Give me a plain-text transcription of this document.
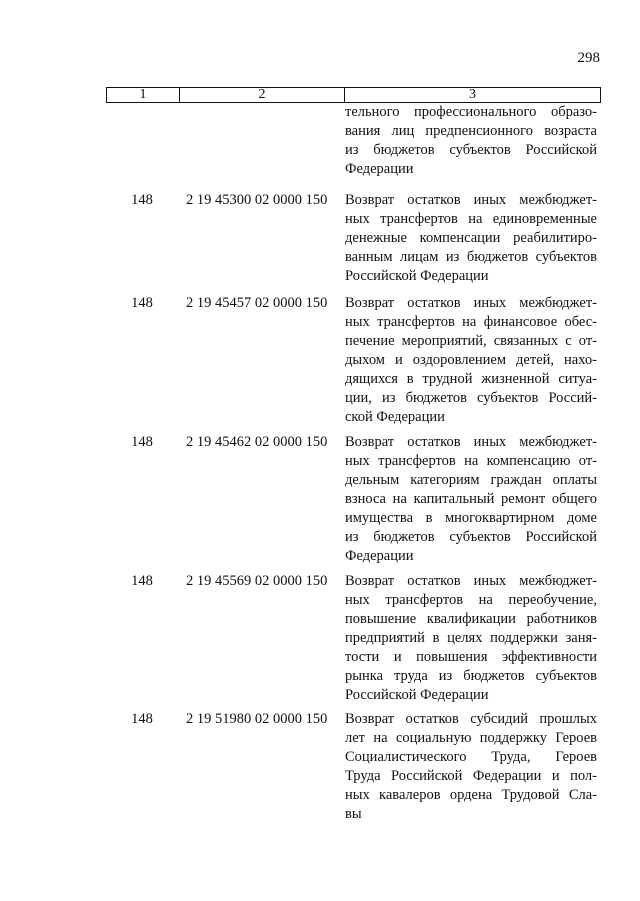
298
1	2	3
тельного профессионального образо-
вания лиц предпенсионного возраста
из бюджетов субъектов Российской
Федерации
148	2 19 45300 02 0000 150	Возврат остатков иных межбюджет-
ных трансфертов на единовременные
денежные компенсации реабилитиро-
ванным лицам из бюджетов субъектов
Российской Федерации
148	2 19 45457 02 0000 150	Возврат остатков иных межбюджет-
ных трансфертов на финансовое обес-
печение мероприятий, связанных с от-
дыхом и оздоровлением детей, нахо-
дящихся в трудной жизненной ситуа-
ции, из бюджетов субъектов Россий-
ской Федерации
148	2 19 45462 02 0000 150	Возврат остатков иных межбюджет-
ных трансфертов на компенсацию от-
дельным категориям граждан оплаты
взноса на капитальный ремонт общего
имущества в многоквартирном доме
из бюджетов субъектов Российской
Федерации
148	2 19 45569 02 0000 150	Возврат остатков иных межбюджет-
ных трансфертов на переобучение,
повышение квалификации работников
предприятий в целях поддержки заня-
тости и повышения эффективности
рынка труда из бюджетов субъектов
Российской Федерации
148	2 19 51980 02 0000 150	Возврат остатков субсидий прошлых
лет на социальную поддержку Героев
Социалистического Труда, Героев
Труда Российской Федерации и пол-
ных кавалеров ордена Трудовой Сла-
вы
